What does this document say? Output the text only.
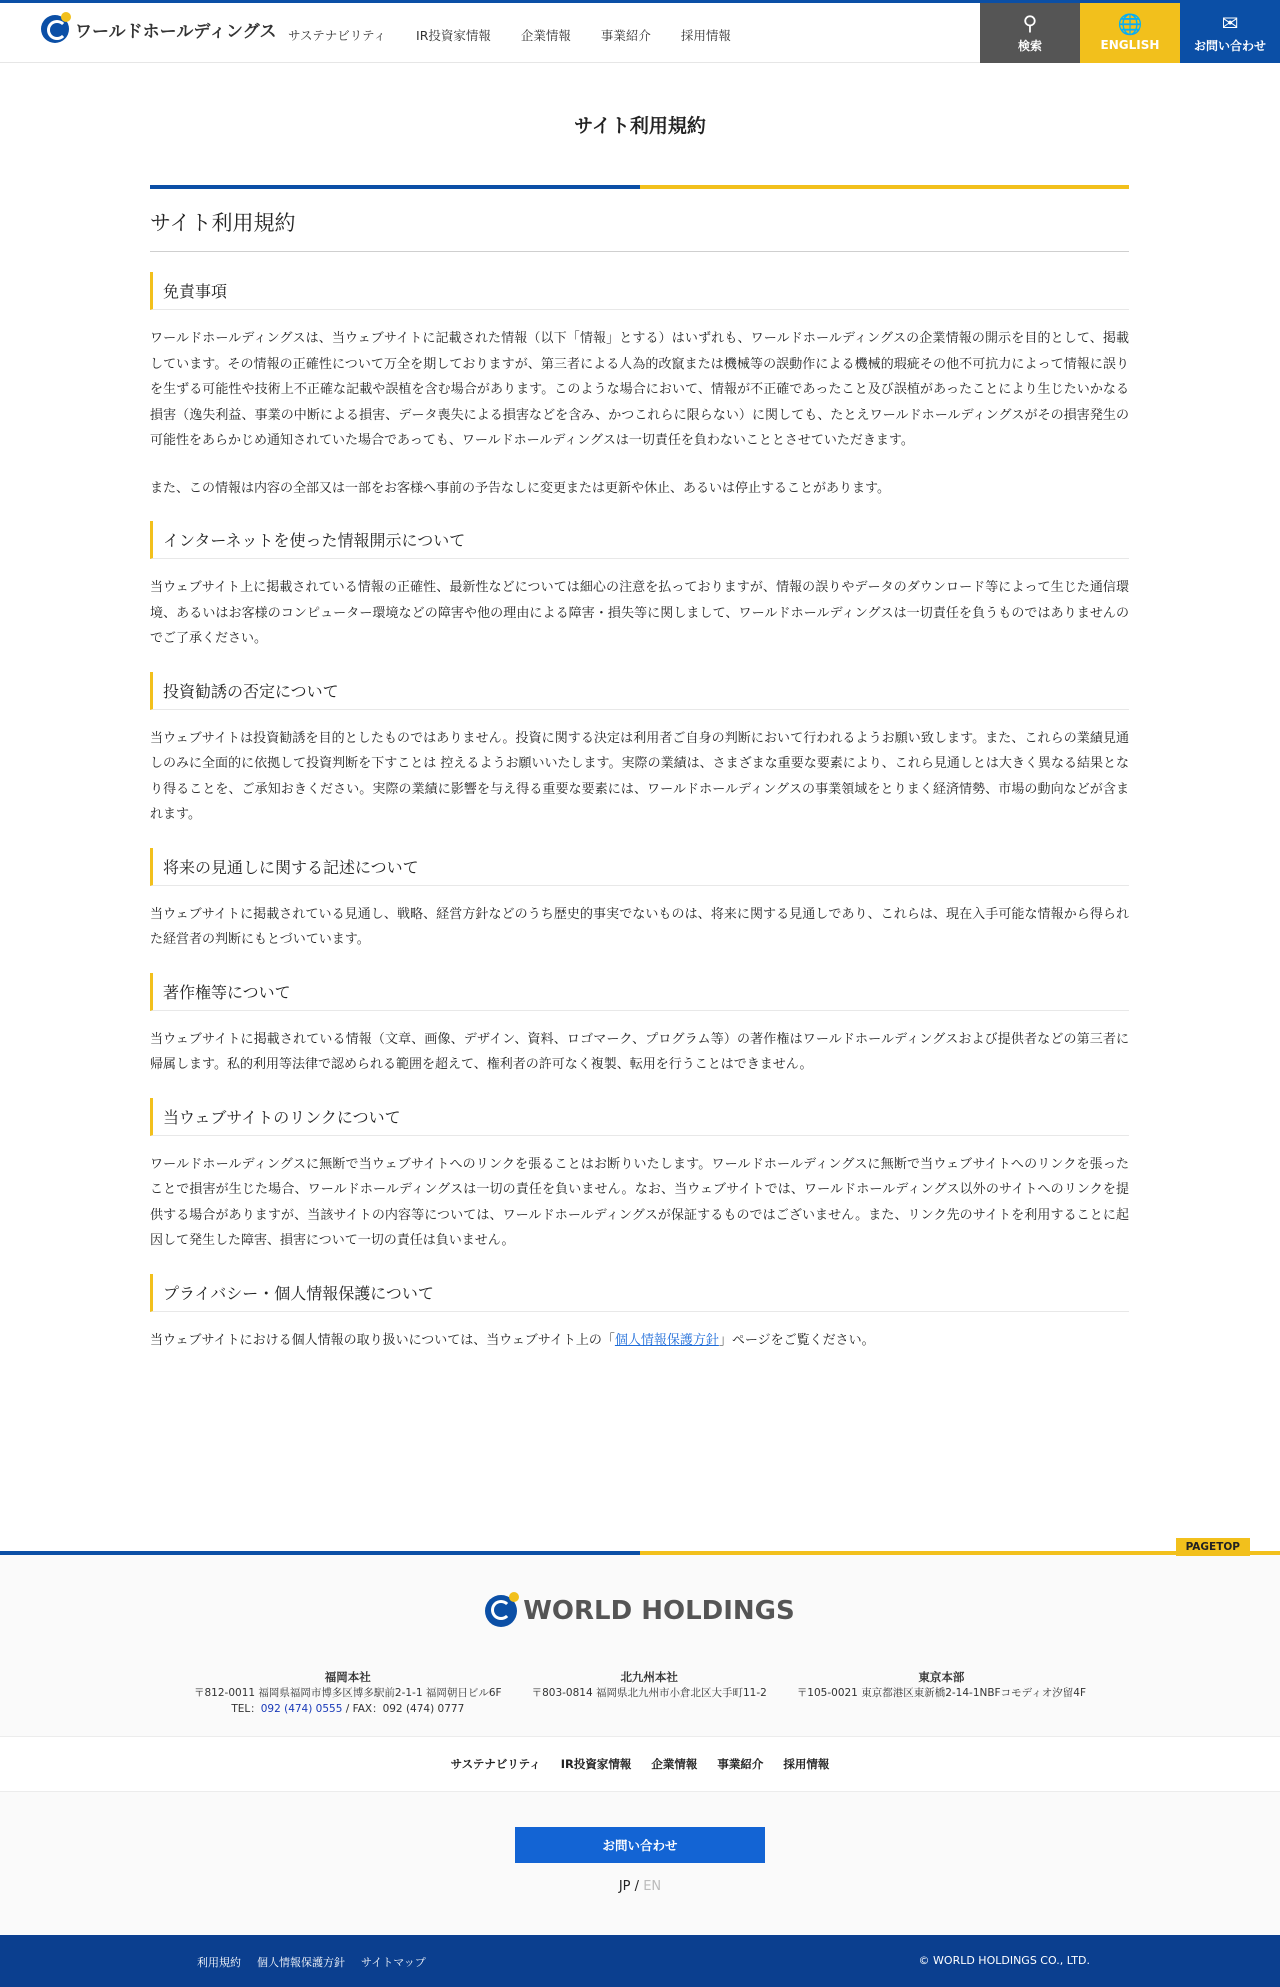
ワールドホールディングス サステナビリティ IR投資家情報 企業情報 事業紹介 採用情報
⚲
検索
🌐
ENGLISH
✉
お問い合わせ
サイト利用規約
サイト利用規約
免責事項

ワールドホールディングスは、当ウェブサイトに記載された情報（以下「情報」とする）はいずれも、ワールドホールディングスの企業情報の開示を目的として、掲載しています。その情報の正確性について万全を期しておりますが、第三者による人為的改竄または機械等の誤動作による機械的瑕疵その他不可抗力によって情報に誤りを生ずる可能性や技術上不正確な記載や誤植を含む場合があります。このような場合において、情報が不正確であったこと及び誤植があったことにより生じたいかなる損害（逸失利益、事業の中断による損害、データ喪失による損害などを含み、かつこれらに限らない）に関しても、たとえワールドホールディングスがその損害発生の可能性をあらかじめ通知されていた場合であっても、ワールドホールディングスは一切責任を負わないこととさせていただきます。

また、この情報は内容の全部又は一部をお客様へ事前の予告なしに変更または更新や休止、あるいは停止することがあります。

インターネットを使った情報開示について

当ウェブサイト上に掲載されている情報の正確性、最新性などについては細心の注意を払っておりますが、情報の誤りやデータのダウンロード等によって生じた通信環境、あるいはお客様のコンピューター環境などの障害や他の理由による障害・損失等に関しまして、ワールドホールディングスは一切責任を負うものではありませんのでご了承ください。

投資勧誘の否定について

当ウェブサイトは投資勧誘を目的としたものではありません。投資に関する決定は利用者ご自身の判断において行われるようお願い致します。また、これらの業績見通しのみに全面的に依拠して投資判断を下すことは 控えるようお願いいたします。実際の業績は、さまざまな重要な要素により、これら見通しとは大きく異なる結果となり得ることを、ご承知おきください。実際の業績に影響を与え得る重要な要素には、ワールドホールディングスの事業領域をとりまく経済情勢、市場の動向などが含まれます。

将来の見通しに関する記述について

当ウェブサイトに掲載されている見通し、戦略、経営方針などのうち歴史的事実でないものは、将来に関する見通しであり、これらは、現在入手可能な情報から得られた経営者の判断にもとづいています。

著作権等について

当ウェブサイトに掲載されている情報（文章、画像、デザイン、資料、ロゴマーク、プログラム等）の著作権はワールドホールディングスおよび提供者などの第三者に帰属します。私的利用等法律で認められる範囲を超えて、権利者の許可なく複製、転用を行うことはできません。

当ウェブサイトのリンクについて

ワールドホールディングスに無断で当ウェブサイトへのリンクを張ることはお断りいたします。ワールドホールディングスに無断で当ウェブサイトへのリンクを張ったことで損害が生じた場合、ワールドホールディングスは一切の責任を負いません。なお、当ウェブサイトでは、ワールドホールディングス以外のサイトへのリンクを提供する場合がありますが、当該サイトの内容等については、ワールドホールディングスが保証するものではございません。また、リンク先のサイトを利用することに起因して発生した障害、損害について一切の責任は負いません。

プライバシー・個人情報保護について

当ウェブサイトにおける個人情報の取り扱いについては、当ウェブサイト上の「個人情報保護方針」ページをご覧ください。

PAGETOP
WORLD HOLDINGS
福岡本社
〒812-0011 福岡県福岡市博多区博多駅前2-1-1 福岡朝日ビル6F
TEL：092 (474) 0555 / FAX：092 (474) 0777
北九州本社
〒803-0814 福岡県北九州市小倉北区大手町11-2
東京本部
〒105-0021 東京都港区東新橋2-14-1NBFコモディオ汐留4F
サステナビリティ IR投資家情報 企業情報 事業紹介 採用情報
お問い合わせ
JP / EN
利用規約 個人情報保護方針 サイトマップ	© WORLD HOLDINGS CO., LTD.
